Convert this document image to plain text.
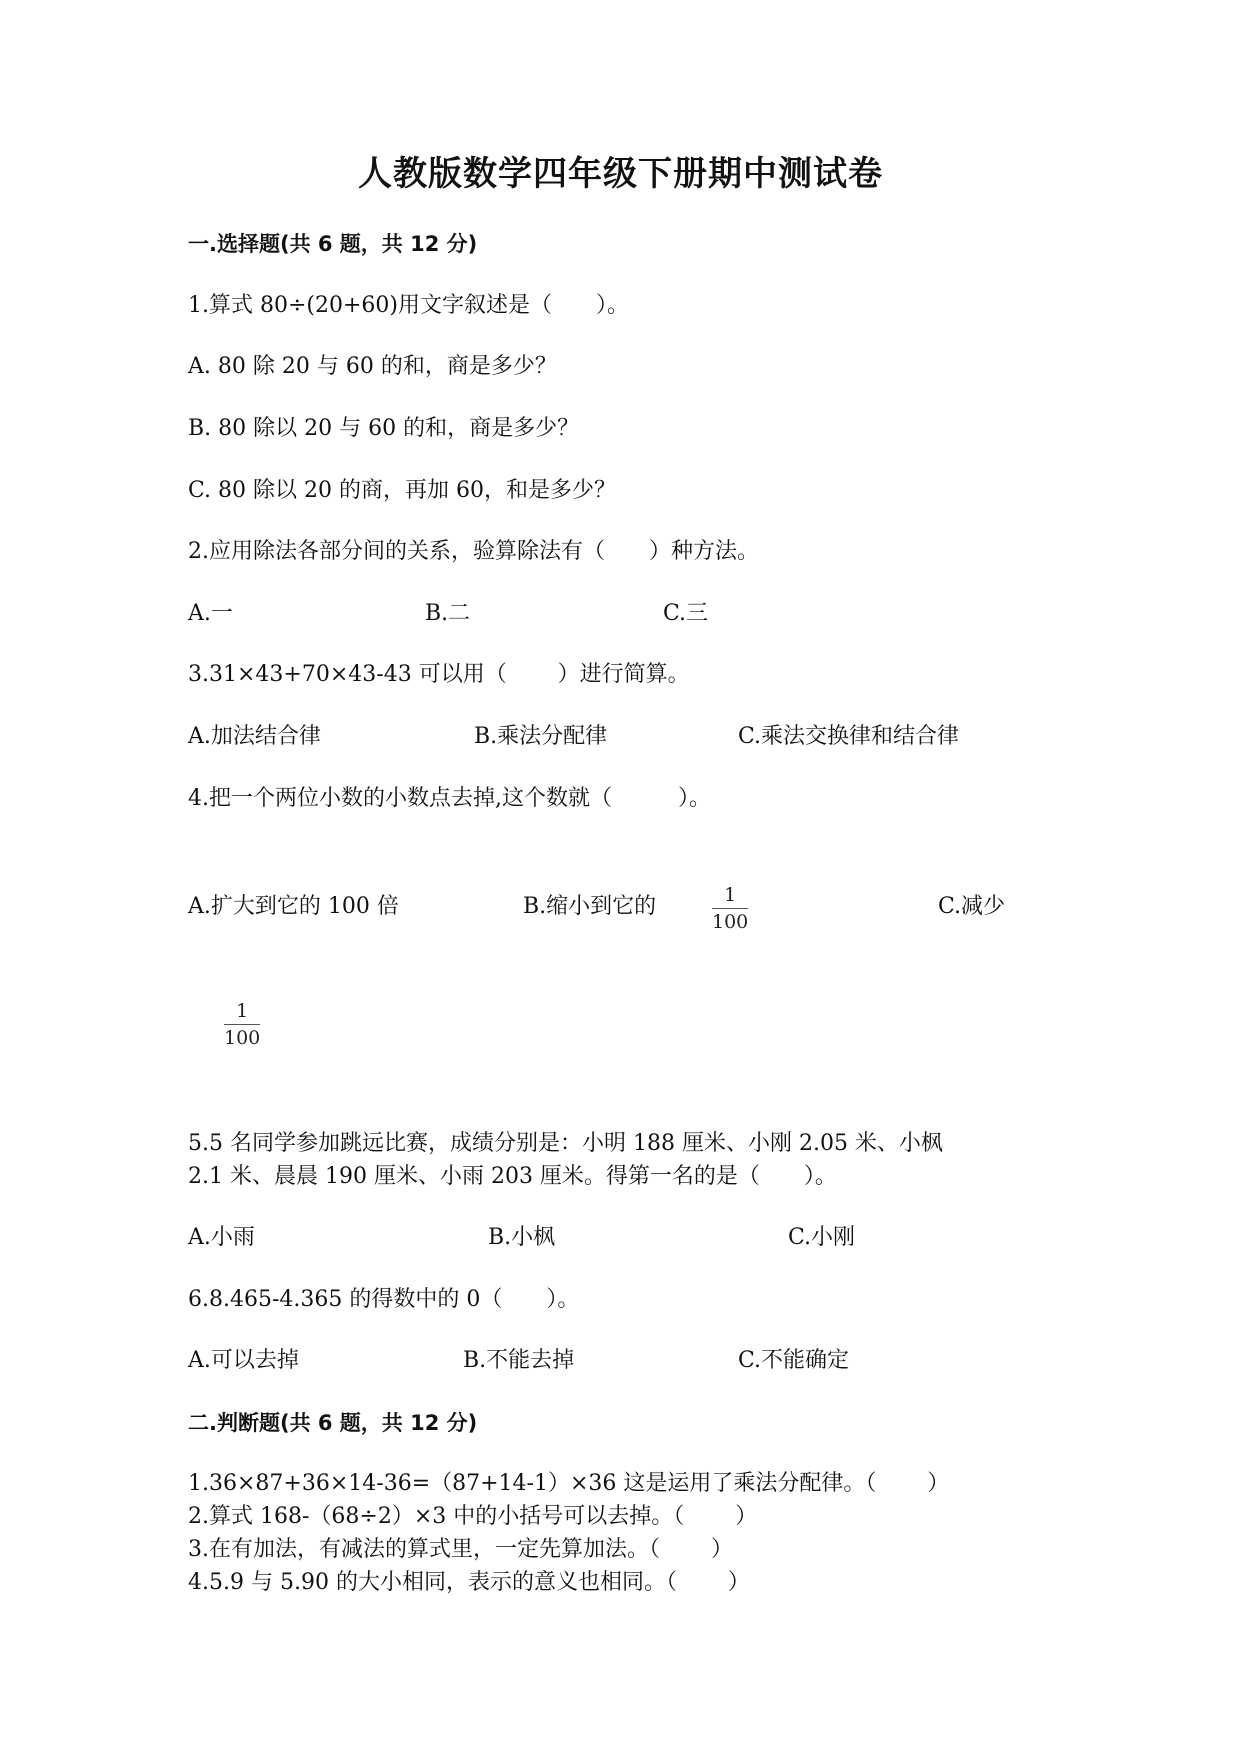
人教版数学四年级下册期中测试卷
一.选择题(共 6 题，共 12 分)
1.算式 80÷(20+60)用文字叙述是（　　）。
A. 80 除 20 与 60 的和，商是多少？
B. 80 除以 20 与 60 的和，商是多少？
C. 80 除以 20 的商，再加 60，和是多少？
2.应用除法各部分间的关系，验算除法有（　　）种方法。
A.一	B.二	C.三
3.31×43+70×43-43 可以用（　　 ）进行简算。
A.加法结合律	B.乘法分配律	C.乘法交换律和结合律
4.把一个两位小数的小数点去掉,这个数就（　　　）。
A.扩大到它的 100 倍	B.缩小到它的	1
100
C.减少
1
100
5.5 名同学参加跳远比赛，成绩分别是：小明 188 厘米、小刚 2.05 米、小枫
2.1 米、晨晨 190 厘米、小雨 203 厘米。得第一名的是（　　）。
A.小雨	B.小枫	C.小刚
6.8.465-4.365 的得数中的 0（　　）。
A.可以去掉	B.不能去掉	C.不能确定
二.判断题(共 6 题，共 12 分)
1.36×87+36×14-36=（87+14-1）×36 这是运用了乘法分配律。（　　 ）
2.算式 168-（68÷2）×3 中的小括号可以去掉。（　　 ）
3.在有加法，有减法的算式里，一定先算加法。（　　 ）
4.5.9 与 5.90 的大小相同，表示的意义也相同。（　　 ）
